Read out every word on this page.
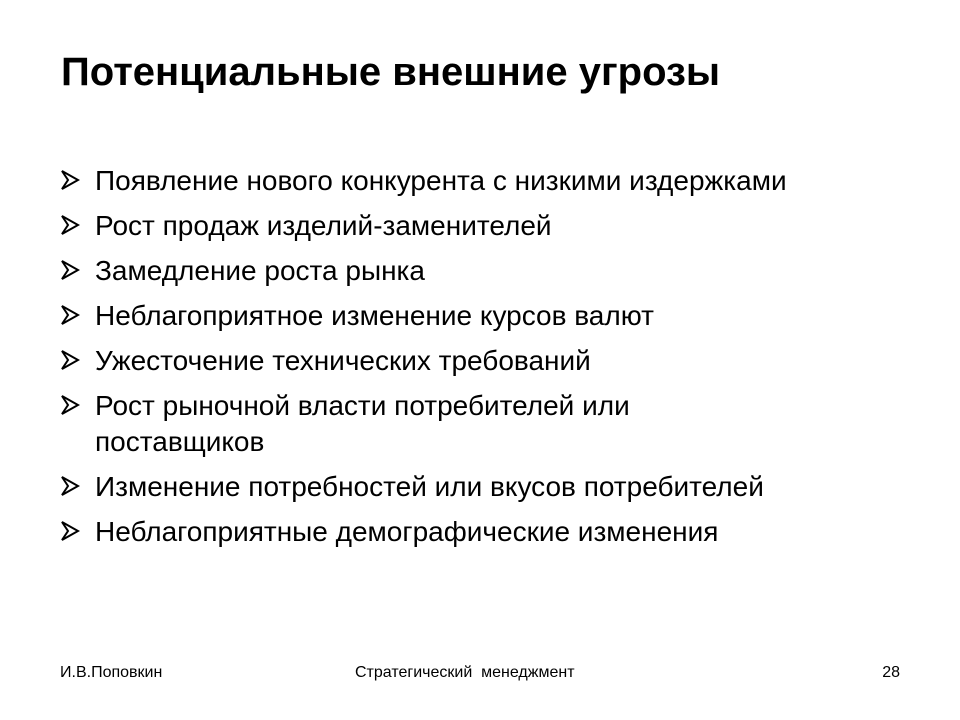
Потенциальные внешние угрозы
Появление нового конкурента с низкими издержками
Рост продаж изделий-заменителей
Замедление роста рынка
Неблагоприятное изменение курсов валют
Ужесточение технических требований
Рост рыночной власти потребителей или поставщиков
Изменение потребностей или вкусов потребителей
Неблагоприятные демографические изменения
И.В.Поповкин	Стратегический  менеджмент	28
